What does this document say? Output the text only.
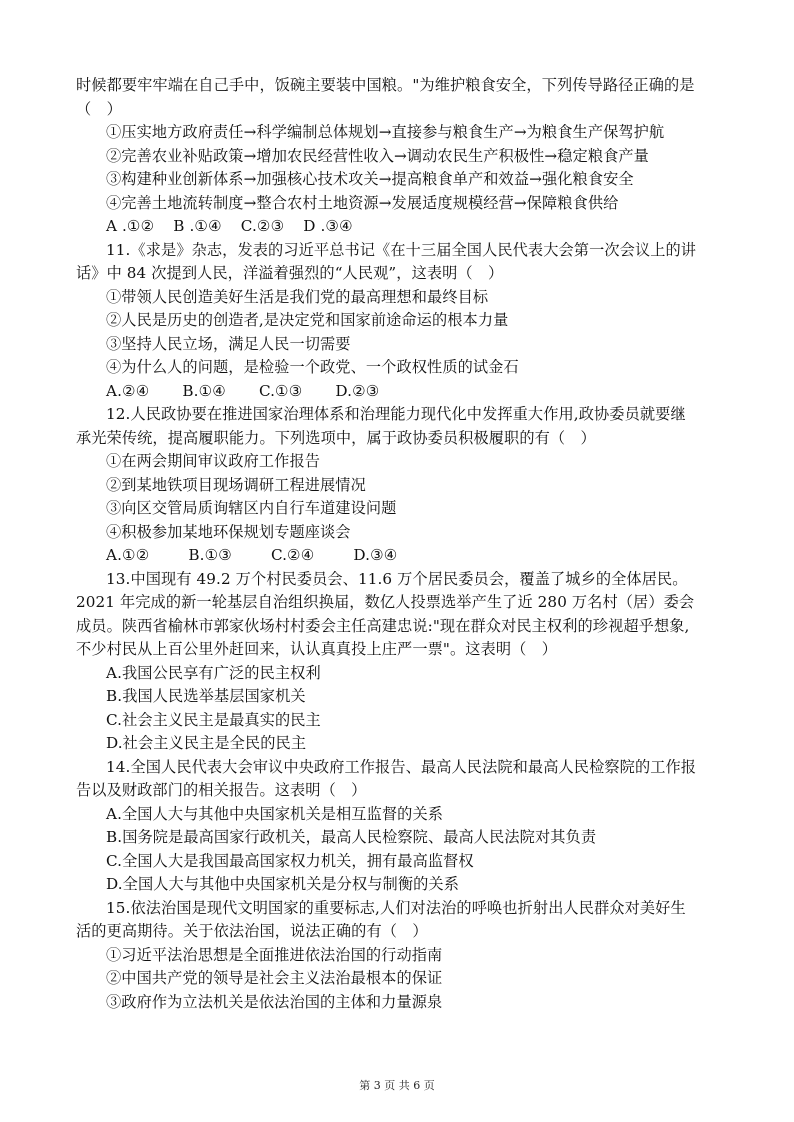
时候都要牢牢端在自己手中，饭碗主要装中国粮。"为维护粮食安全，下列传导路径正确的是
（　）
①压实地方政府责任→科学编制总体规划→直接参与粮食生产→为粮食生产保驾护航
②完善农业补贴政策→增加农民经营性收入→调动农民生产积极性→稳定粮食产量
③构建种业创新体系→加强核心技术攻关→提高粮食单产和效益→强化粮食安全
④完善土地流转制度→整合农村土地资源→发展适度规模经营→保障粮食供给
A .①② B .①④ C.②③ D .③④
11.《求是》杂志，发表的习近平总书记《在十三届全国人民代表大会第一次会议上的讲
话》中 84 次提到人民，洋溢着强烈的“人民观”，这表明（　）
①带领人民创造美好生活是我们党的最高理想和最终目标
②人民是历史的创造者,是决定党和国家前途命运的根本力量
③坚持人民立场，满足人民一切需要
④为什么人的问题，是检验一个政党、一个政权性质的试金石
A.②④ B.①④ C.①③ D.②③
12.人民政协要在推进国家治理体系和治理能力现代化中发挥重大作用,政协委员就要继
承光荣传统，提高履职能力。下列选项中，属于政协委员积极履职的有（　）
①在两会期间审议政府工作报告
②到某地铁项目现场调研工程进展情况
③向区交管局质询辖区内自行车道建设问题
④积极参加某地环保规划专题座谈会
A.①②	B.①③	C.②④	D.③④
13.中国现有 49.2 万个村民委员会、11.6 万个居民委员会，覆盖了城乡的全体居民。
2021 年完成的新一轮基层自治组织换届，数亿人投票选举产生了近 280 万名村（居）委会
成员。陕西省榆林市郭家伙场村村委会主任高建忠说:"现在群众对民主权利的珍视超乎想象,
不少村民从上百公里外赶回来，认认真真投上庄严一票"。这表明（　）
A.我国公民享有广泛的民主权利
B.我国人民选举基层国家机关
C.社会主义民主是最真实的民主
D.社会主义民主是全民的民主
14.全国人民代表大会审议中央政府工作报告、最高人民法院和最高人民检察院的工作报
告以及财政部门的相关报告。这表明（　）
A.全国人大与其他中央国家机关是相互监督的关系
B.国务院是最高国家行政机关，最高人民检察院、最高人民法院对其负责
C.全国人大是我国最高国家权力机关，拥有最高监督权
D.全国人大与其他中央国家机关是分权与制衡的关系
15.依法治国是现代文明国家的重要标志,人们对法治的呼唤也折射出人民群众对美好生
活的更高期待。关于依法治国，说法正确的有（　）
①习近平法治思想是全面推进依法治国的行动指南
②中国共产党的领导是社会主义法治最根本的保证
③政府作为立法机关是依法治国的主体和力量源泉
第 3 页 共 6 页
